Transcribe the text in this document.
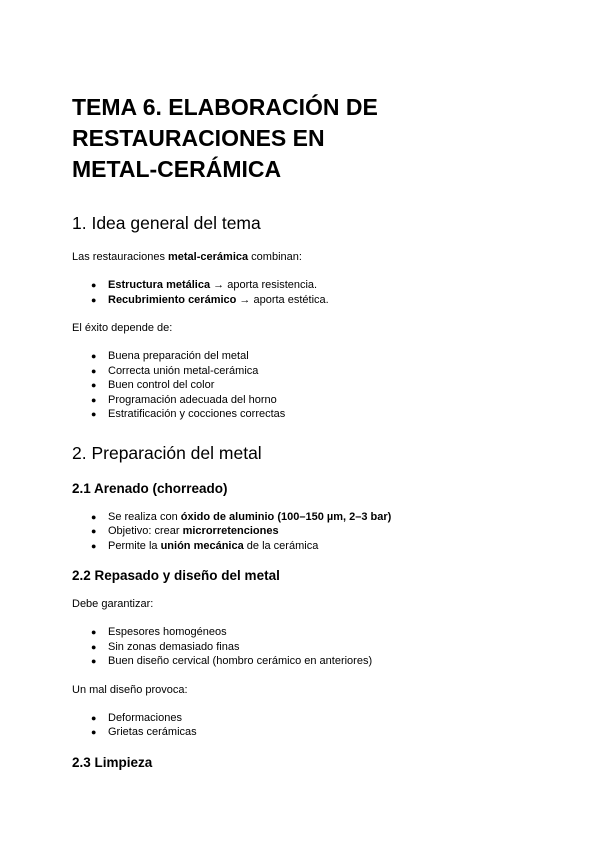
TEMA 6. ELABORACIÓN DE
RESTAURACIONES EN
METAL-CERÁMICA
1. Idea general del tema

Las restauraciones metal-cerámica combinan:

● Estructura metálica → aporta resistencia.
● Recubrimiento cerámico → aporta estética.

El éxito depende de:

● Buena preparación del metal
● Correcta unión metal-cerámica
● Buen control del color
● Programación adecuada del horno
● Estratificación y cocciones correctas
2. Preparación del metal
2.1 Arenado (chorreado)
● Se realiza con óxido de aluminio (100–150 µm, 2–3 bar)
● Objetivo: crear microrretenciones
● Permite la unión mecánica de la cerámica
2.2 Repasado y diseño del metal

Debe garantizar:

● Espesores homogéneos
● Sin zonas demasiado finas
● Buen diseño cervical (hombro cerámico en anteriores)

Un mal diseño provoca:

● Deformaciones
● Grietas cerámicas
2.3 Limpieza
